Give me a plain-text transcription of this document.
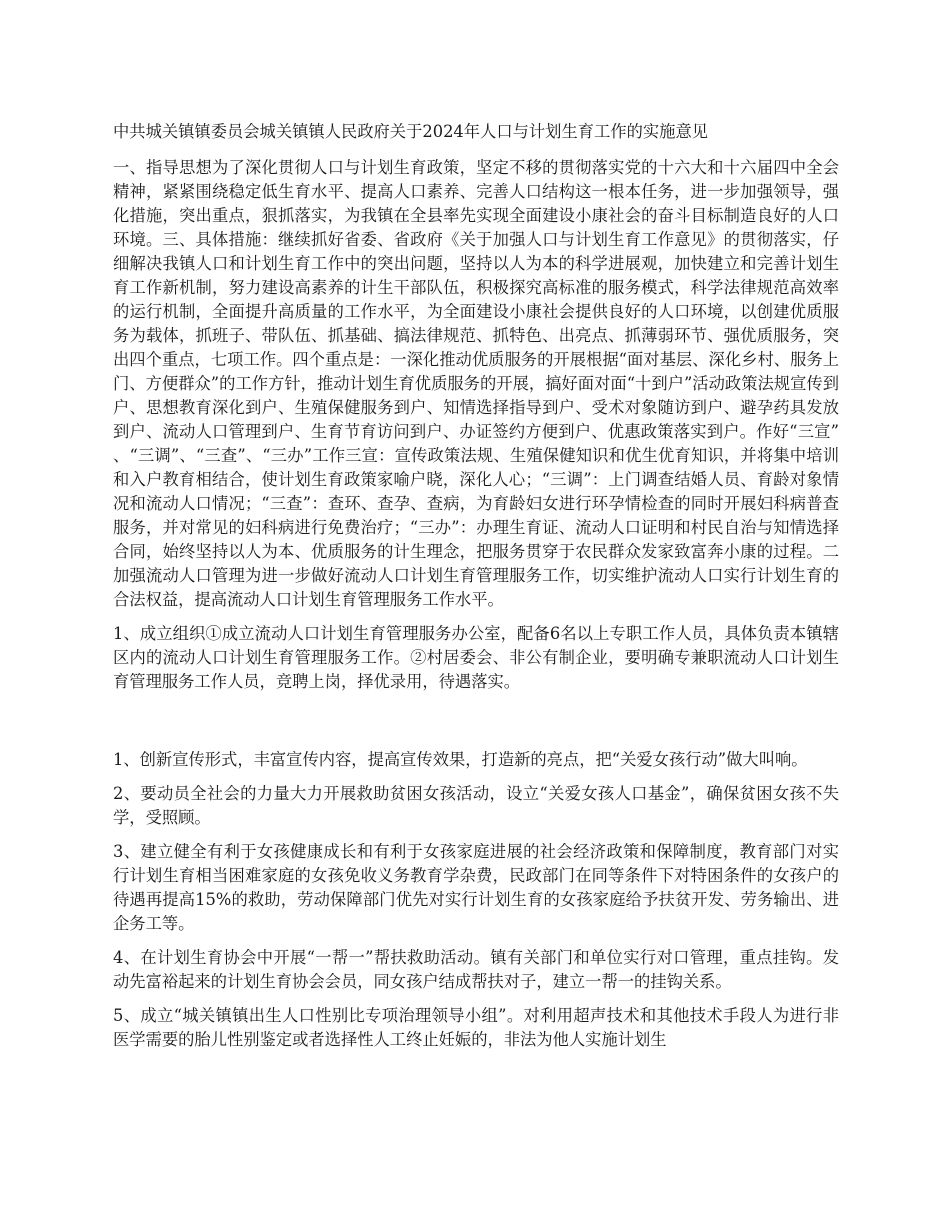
中共城关镇镇委员会城关镇镇人民政府关于2024年人口与计划生育工作的实施意见

一、指导思想为了深化贯彻人口与计划生育政策，坚定不移的贯彻落实党的十六大和十六届四中全会精神，紧紧围绕稳定低生育水平、提高人口素养、完善人口结构这一根本任务，进一步加强领导，强化措施，突出重点，狠抓落实，为我镇在全县率先实现全面建设小康社会的奋斗目标制造良好的人口环境。三、具体措施：继续抓好省委、省政府《关于加强人口与计划生育工作意见》的贯彻落实，仔细解决我镇人口和计划生育工作中的突出问题，坚持以人为本的科学进展观，加快建立和完善计划生育工作新机制，努力建设高素养的计生干部队伍，积极探究高标准的服务模式，科学法律规范高效率的运行机制，全面提升高质量的工作水平，为全面建设小康社会提供良好的人口环境，以创建优质服务为载体，抓班子、带队伍、抓基础、搞法律规范、抓特色、出亮点、抓薄弱环节、强优质服务，突出四个重点，七项工作。四个重点是：一深化推动优质服务的开展根据“面对基层、深化乡村、服务上门、方便群众”的工作方针，推动计划生育优质服务的开展，搞好面对面“十到户”活动政策法规宣传到户、思想教育深化到户、生殖保健服务到户、知情选择指导到户、受术对象随访到户、避孕药具发放到户、流动人口管理到户、生育节育访问到户、办证签约方便到户、优惠政策落实到户。作好“三宣”、“三调”、“三查”、“三办”工作三宣：宣传政策法规、生殖保健知识和优生优育知识，并将集中培训和入户教育相结合，使计划生育政策家喻户晓，深化人心；“三调”：上门调查结婚人员、育龄对象情况和流动人口情况；“三查”：查环、查孕、查病，为育龄妇女进行环孕情检查的同时开展妇科病普查服务，并对常见的妇科病进行免费治疗；“三办”：办理生育证、流动人口证明和村民自治与知情选择合同，始终坚持以人为本、优质服务的计生理念，把服务贯穿于农民群众发家致富奔小康的过程。二加强流动人口管理为进一步做好流动人口计划生育管理服务工作，切实维护流动人口实行计划生育的合法权益，提高流动人口计划生育管理服务工作水平。

1、成立组织①成立流动人口计划生育管理服务办公室，配备6名以上专职工作人员，具体负责本镇辖区内的流动人口计划生育管理服务工作。②村居委会、非公有制企业，要明确专兼职流动人口计划生育管理服务工作人员，竞聘上岗，择优录用，待遇落实。

1、创新宣传形式，丰富宣传内容，提高宣传效果，打造新的亮点，把“关爱女孩行动”做大叫响。

2、要动员全社会的力量大力开展救助贫困女孩活动，设立“关爱女孩人口基金”，确保贫困女孩不失学，受照顾。

3、建立健全有利于女孩健康成长和有利于女孩家庭进展的社会经济政策和保障制度，教育部门对实行计划生育相当困难家庭的女孩免收义务教育学杂费，民政部门在同等条件下对特困条件的女孩户的待遇再提高15%的救助，劳动保障部门优先对实行计划生育的女孩家庭给予扶贫开发、劳务输出、进企务工等。

4、在计划生育协会中开展“一帮一”帮扶救助活动。镇有关部门和单位实行对口管理，重点挂钩。发动先富裕起来的计划生育协会会员，同女孩户结成帮扶对子，建立一帮一的挂钩关系。

5、成立“城关镇镇出生人口性别比专项治理领导小组”。对利用超声技术和其他技术手段人为进行非医学需要的胎儿性别鉴定或者选择性人工终止妊娠的，非法为他人实施计划生
